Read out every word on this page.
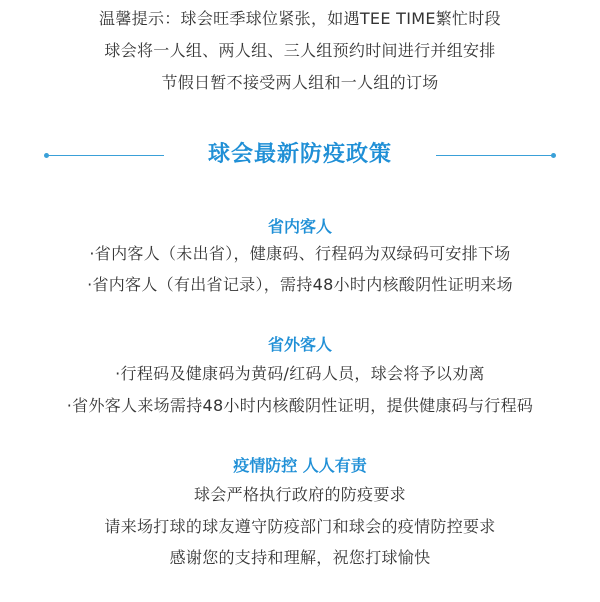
温馨提示：球会旺季球位紧张，如遇TEE TIME繁忙时段
球会将一人组、两人组、三人组预约时间进行并组安排
节假日暂不接受两人组和一人组的订场
球会最新防疫政策
省内客人
·省内客人（未出省），健康码、行程码为双绿码可安排下场
·省内客人（有出省记录），需持48小时内核酸阴性证明来场
省外客人
·行程码及健康码为黄码/红码人员，球会将予以劝离
·省外客人来场需持48小时内核酸阴性证明，提供健康码与行程码
疫情防控 人人有责
球会严格执行政府的防疫要求
请来场打球的球友遵守防疫部门和球会的疫情防控要求
感谢您的支持和理解，祝您打球愉快
